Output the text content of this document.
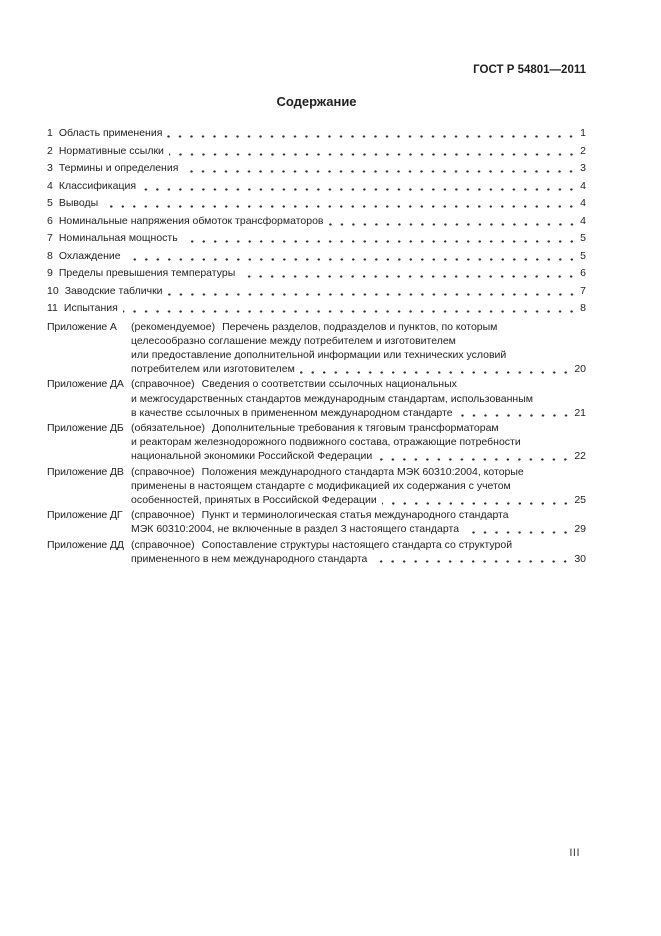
ГОСТ Р 54801—2011
Содержание
1 Область применения	1
2 Нормативные ссылки	2
3 Термины и определения	3
4 Классификация	4
5 Выводы	4
6 Номинальные напряжения обмоток трансформаторов	4
7 Номинальная мощность	5
8 Охлаждение	5
9 Пределы превышения температуры	6
10 Заводские таблички	7
11 Испытания	8
Приложение А	(рекомендуемое) Перечень разделов, подразделов и пунктов, по которым
целесообразно соглашение между потребителем и изготовителем
или предоставление дополнительной информации или технических условий
потребителем или изготовителем	20
Приложение ДА (справочное) Сведения о соответствии ссылочных национальных
и межгосударственных стандартов международным стандартам, использованным
в качестве ссылочных в примененном международном стандарте	21
Приложение ДБ (обязательное) Дополнительные требования к тяговым трансформаторам
и реакторам железнодорожного подвижного состава, отражающие потребности
национальной экономики Российской Федерации	22
Приложение ДВ (справочное) Положения международного стандарта МЭК 60310:2004, которые
применены в настоящем стандарте с модификацией их содержания с учетом
особенностей, принятых в Российской Федерации	25
Приложение ДГ (справочное) Пункт и терминологическая статья международного стандарта
МЭК 60310:2004, не включенные в раздел 3 настоящего стандарта	29
Приложение ДД (справочное) Сопоставление структуры настоящего стандарта со структурой
примененного в нем международного стандарта	30
III
